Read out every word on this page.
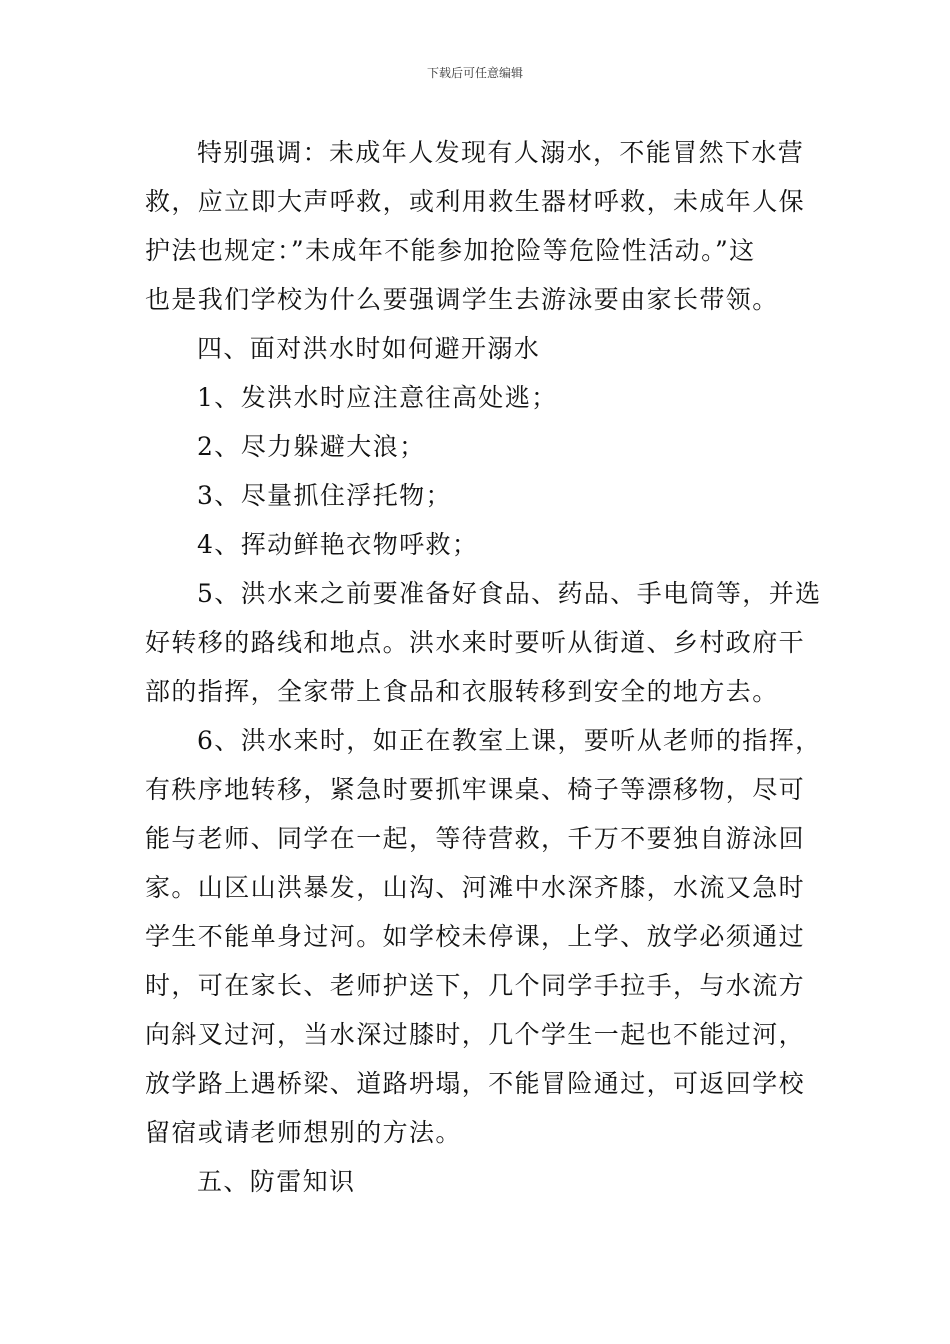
下载后可任意编辑
特别强调：未成年人发现有人溺水，不能冒然下水营
救，应立即大声呼救，或利用救生器材呼救，未成年人保
护法也规定：”未成年不能参加抢险等危险性活动。”这
也是我们学校为什么要强调学生去游泳要由家长带领。
四、面对洪水时如何避开溺水
1、发洪水时应注意往高处逃；
2、尽力躲避大浪；
3、尽量抓住浮托物；
4、挥动鲜艳衣物呼救；
5、洪水来之前要准备好食品、药品、手电筒等，并选
好转移的路线和地点。洪水来时要听从街道、乡村政府干
部的指挥，全家带上食品和衣服转移到安全的地方去。
6、洪水来时，如正在教室上课，要听从老师的指挥，
有秩序地转移，紧急时要抓牢课桌、椅子等漂移物，尽可
能与老师、同学在一起，等待营救，千万不要独自游泳回
家。山区山洪暴发，山沟、河滩中水深齐膝，水流又急时
学生不能单身过河。如学校未停课，上学、放学必须通过
时，可在家长、老师护送下，几个同学手拉手，与水流方
向斜叉过河，当水深过膝时，几个学生一起也不能过河，
放学路上遇桥梁、道路坍塌，不能冒险通过，可返回学校
留宿或请老师想别的方法。
五、防雷知识
